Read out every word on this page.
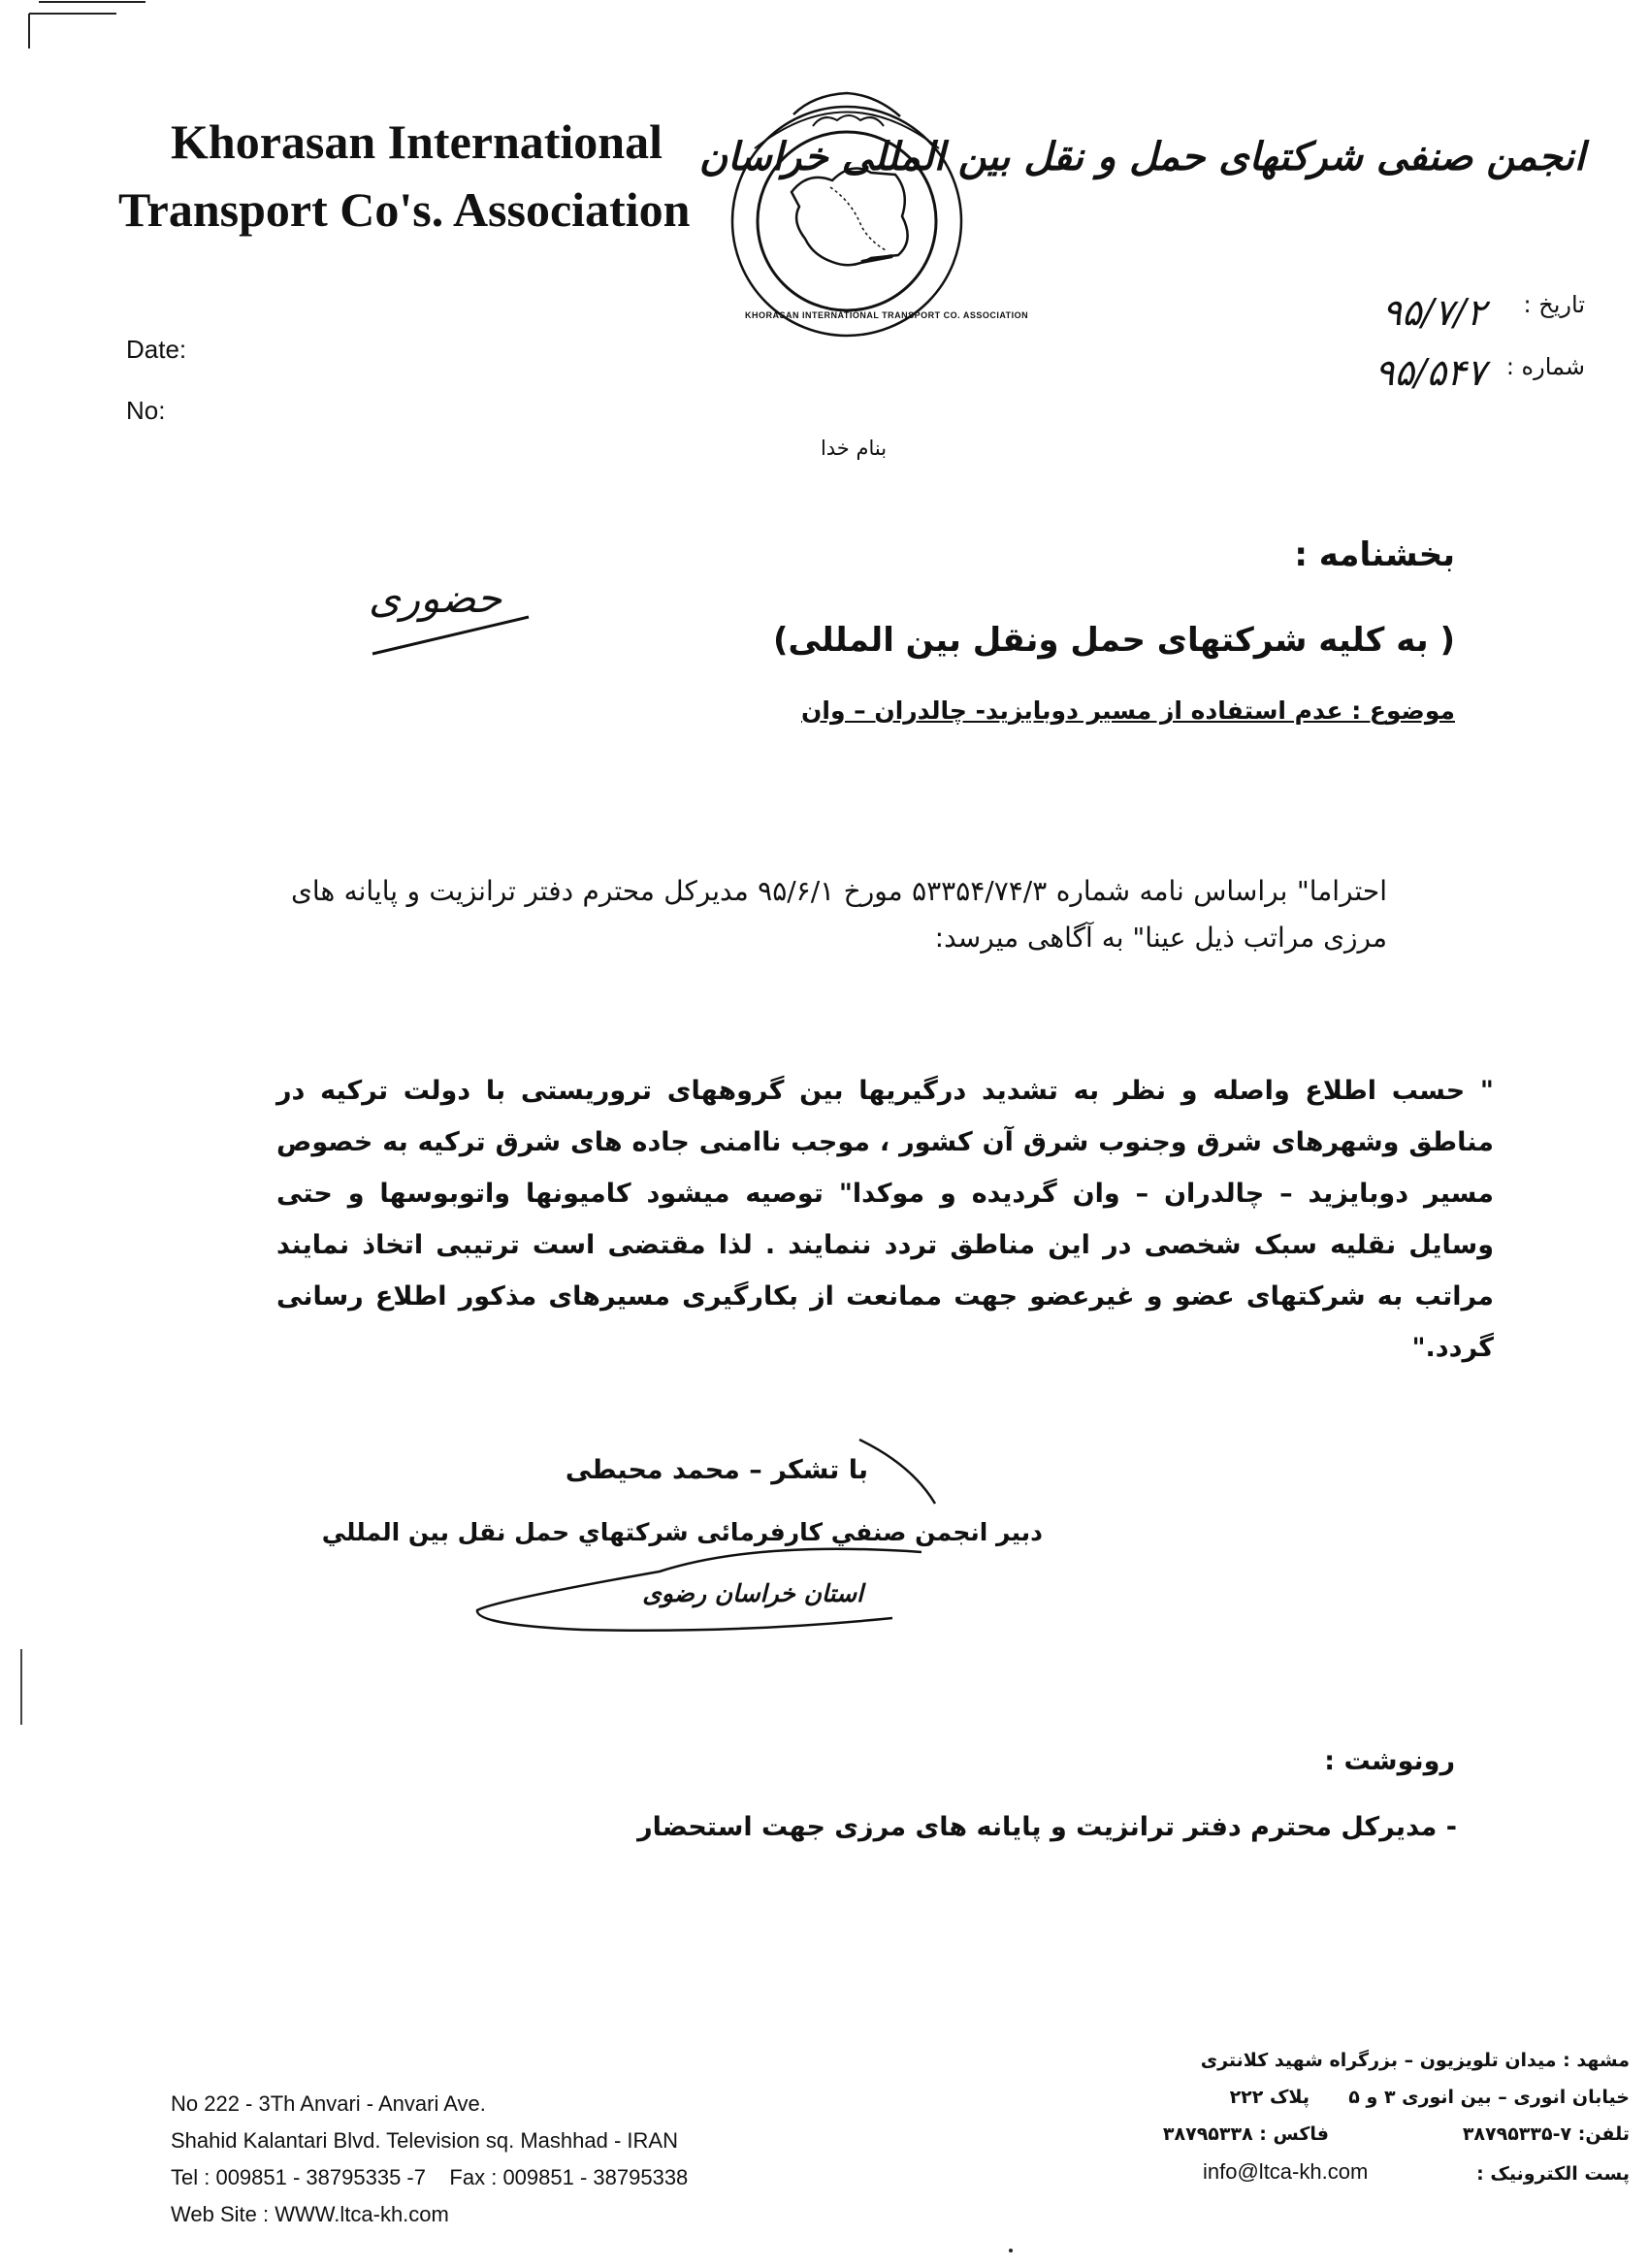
Khorasan International
Transport Co's. Association
KHORASAN INTERNATIONAL TRANSPORT CO. ASSOCIATION
انجمن صنفی شرکتهای حمل و نقل بین المللی خراسان
Date:
No:
تاریخ :
۹۵/۷/۲
شماره :
۹۵/۵۴۷
بنام خدا
حضوری
بخشنامه :
( به کلیه شرکتهای حمل ونقل بین المللی)
موضوع : عدم استفاده از مسیر دوبایزید- چالدران – وان
احتراما" براساس نامه شماره ۵۳۳۵۴/۷۴/۳ مورخ ۹۵/۶/۱ مدیرکل محترم دفتر ترانزیت و پایانه های مرزی مراتب ذیل عینا" به آگاهی میرسد:
" حسب اطلاع واصله و نظر به تشدید درگیریها بین گروههای تروریستی با دولت ترکیه در مناطق وشهرهای شرق وجنوب شرق آن کشور ، موجب ناامنی جاده های شرق ترکیه به خصوص مسیر دوبایزید – چالدران – وان گردیده و موکدا" توصیه میشود کامیونها واتوبوسها و حتی وسایل نقلیه سبک شخصی در این مناطق تردد ننمایند . لذا مقتضی است ترتیبی اتخاذ نمایند مراتب به شرکتهای عضو و غیرعضو جهت ممانعت از بکارگیری مسیرهای مذکور اطلاع رسانی گردد."
با تشکر – محمد محیطی
دبیر انجمن صنفي كارفرمائی شركتهاي حمل نقل بين المللي
استان خراسان رضوی
رونوشت :
- مدیرکل محترم دفتر ترانزیت و پایانه های مرزی جهت استحضار
No 222 - 3Th Anvari - Anvari Ave.
Shahid Kalantari Blvd. Television sq. Mashhad - IRAN
Tel : 009851 - 38795335 -7    Fax : 009851 - 38795338
Web Site : WWW.ltca-kh.com
مشهد : میدان تلویزیون – بزرگراه شهید کلانتری
خیابان انوری – بین انوری ۳ و ۵
پلاک ۲۲۲
تلفن: ۷-۳۸۷۹۵۳۳۵
فاکس : ۳۸۷۹۵۳۳۸
پست الکترونیک :
info@ltca-kh.com
